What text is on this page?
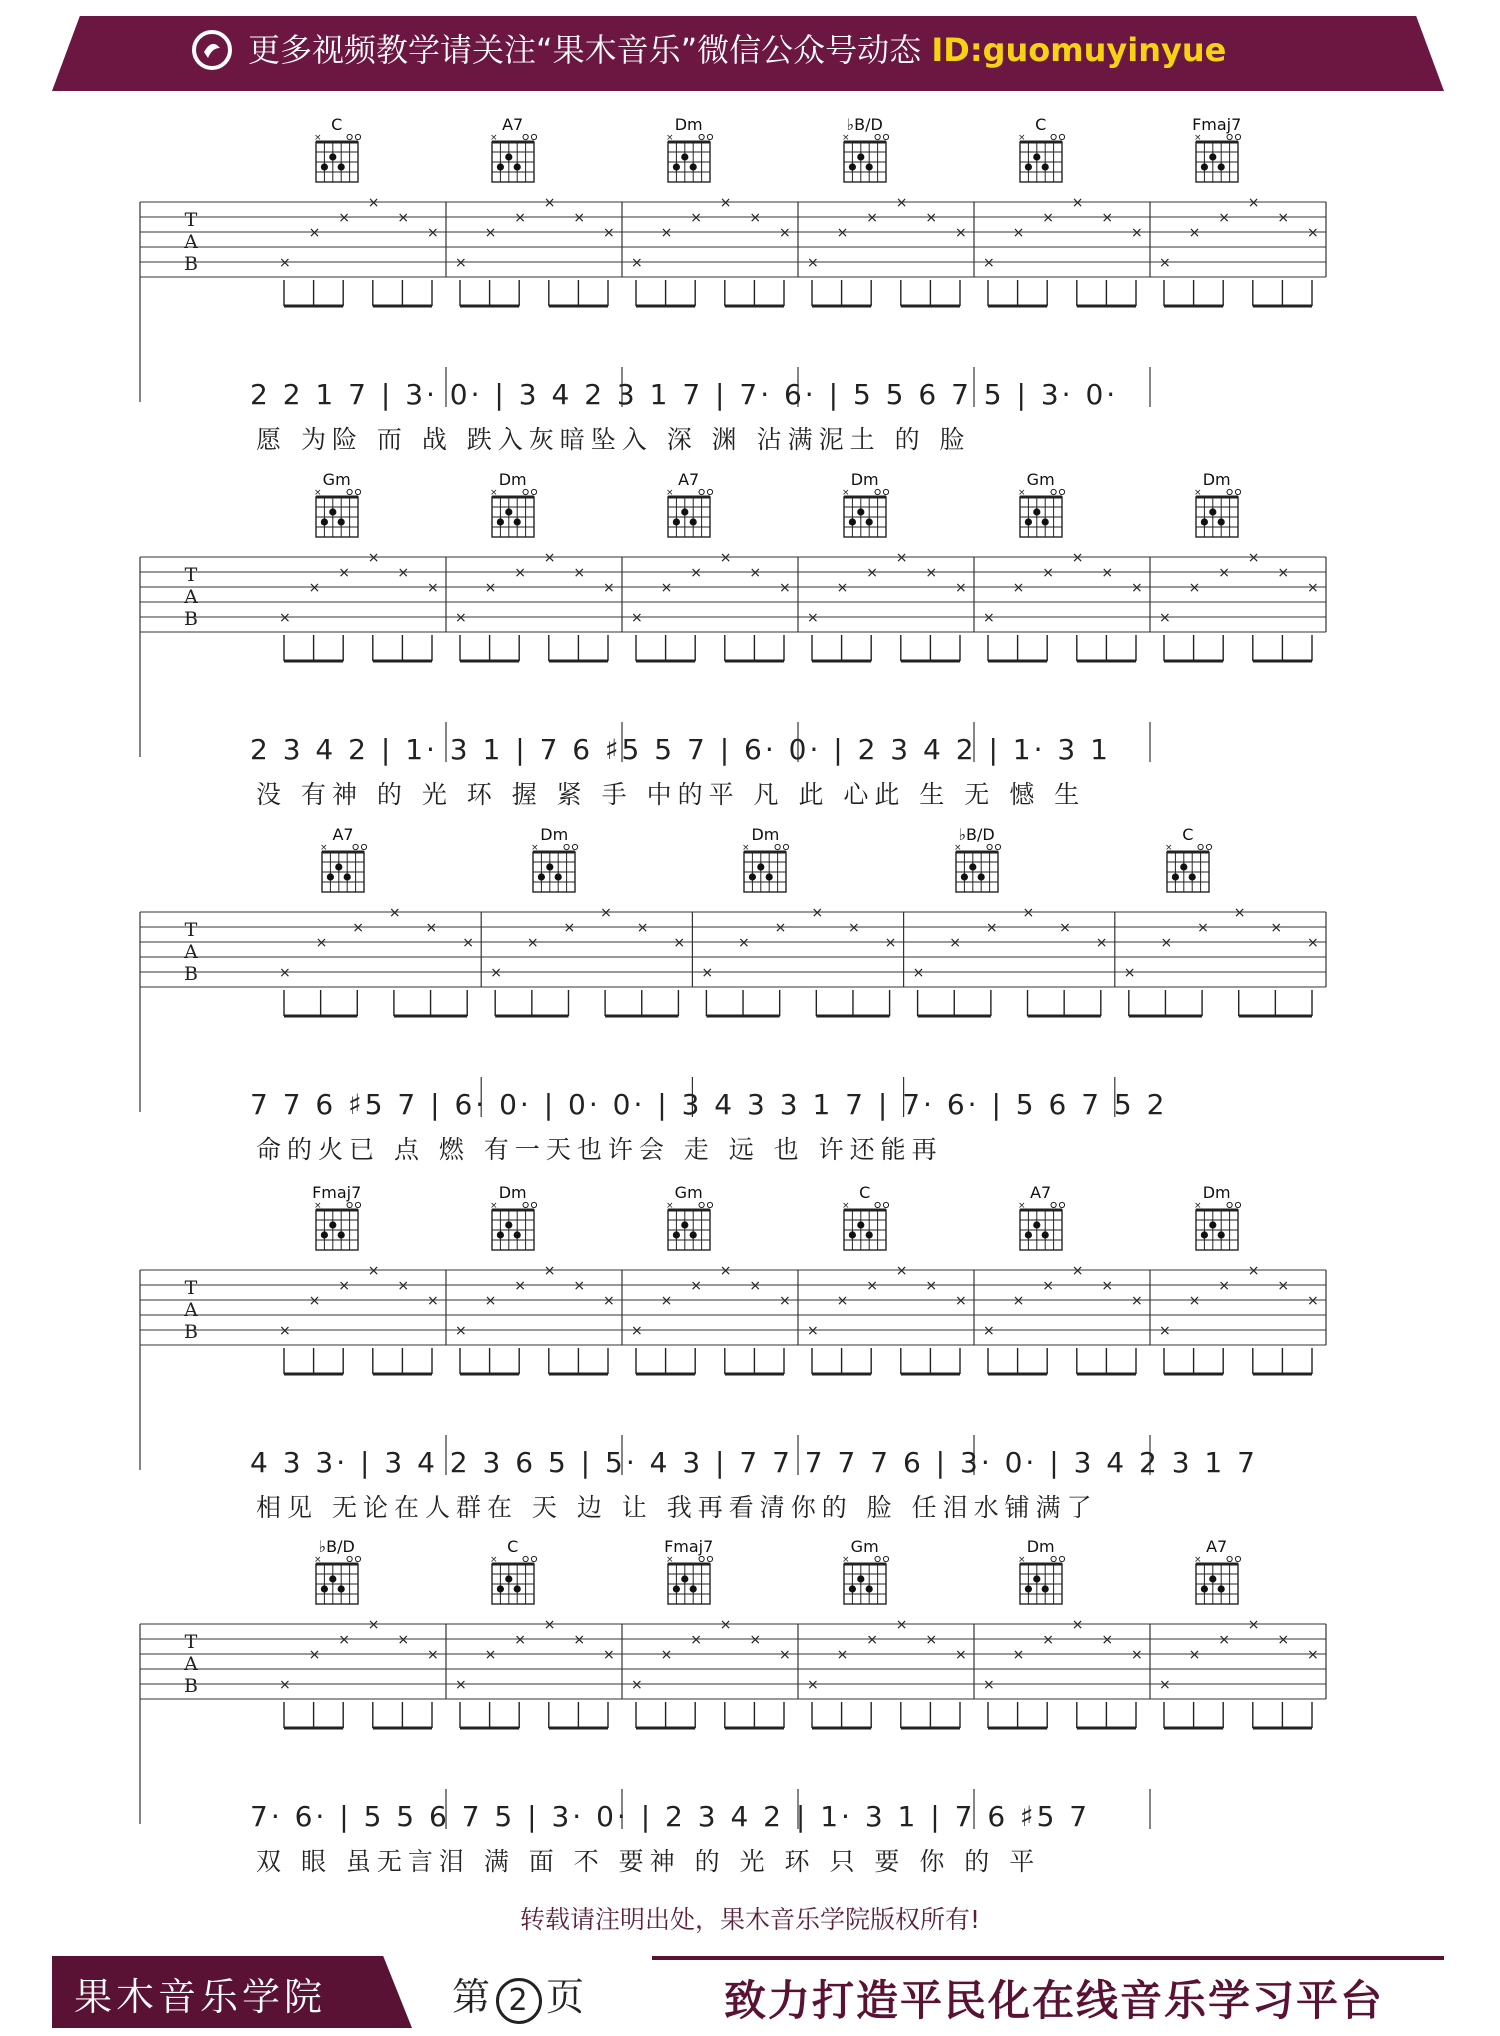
更多视频教学请关注“果木音乐”微信公众号动态 ID:guomuyinyue
C
×
A7
×
Dm
×
♭B/D
×
C
×
Fmaj7
×
×
×
×
×
×
×
×
×
×
×
×
×
×
×
×
×
×
×
×
×
×
×
×
×
×
×
×
×
×
×
×
×
×
×
×
×
T
A
B
2 2 1 7 | 3· 0· | 3 4 2 3 1 7 | 7· 6· | 5 5 6 7 5 | 3· 0·
愿 为险 而 战 跌入灰暗坠入 深 渊 沾满泥土 的 脸
Gm
×
Dm
×
A7
×
Dm
×
Gm
×
Dm
×
×
×
×
×
×
×
×
×
×
×
×
×
×
×
×
×
×
×
×
×
×
×
×
×
×
×
×
×
×
×
×
×
×
×
×
×
T
A
B
2 3 4 2 | 1· 3 1 | 7 6 ♯5 5 7 | 6· 0· | 2 3 4 2 | 1· 3 1
没 有神 的 光 环 握 紧 手 中的平 凡 此 心此 生 无 憾 生
A7
×
Dm
×
Dm
×
♭B/D
×
C
×
×
×
×
×
×
×
×
×
×
×
×
×
×
×
×
×
×
×
×
×
×
×
×
×
×
×
×
×
×
×
T
A
B
7 7 6 ♯5 7 | 6· 0· | 0· 0· | 3 4 3 3 1 7 | 7· 6· | 5 6 7 5 2
命的火已 点 燃 有一天也许会 走 远 也 许还能再
Fmaj7
×
Dm
×
Gm
×
C
×
A7
×
Dm
×
×
×
×
×
×
×
×
×
×
×
×
×
×
×
×
×
×
×
×
×
×
×
×
×
×
×
×
×
×
×
×
×
×
×
×
×
T
A
B
4 3 3· | 3 4 2 3 6 5 | 5· 4 3 | 7 7 7 7 7 6 | 3· 0· | 3 4 2 3 1 7
相见 无论在人群在 天 边 让 我再看清你的 脸 任泪水铺满了
♭B/D
×
C
×
Fmaj7
×
Gm
×
Dm
×
A7
×
×
×
×
×
×
×
×
×
×
×
×
×
×
×
×
×
×
×
×
×
×
×
×
×
×
×
×
×
×
×
×
×
×
×
×
×
T
A
B
7· 6· | 5 5 6 7 5 | 3· 0· | 2 3 4 2 | 1· 3 1 | 7 6 ♯5 7
双 眼 虽无言泪 满 面 不 要神 的 光 环 只 要 你 的 平
转载请注明出处，果木音乐学院版权所有!
果木音乐学院	第 2 页	致力打造平民化在线音乐学习平台
